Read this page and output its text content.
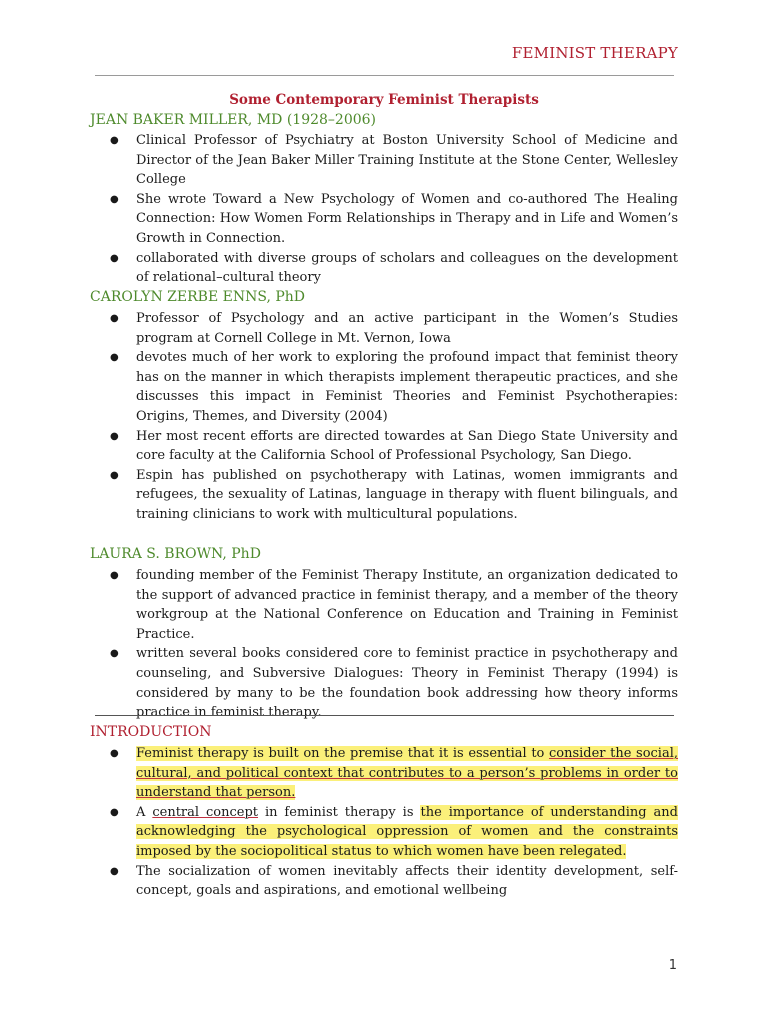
FEMINIST THERAPY
Some Contemporary Feminist Therapists
JEAN BAKER MILLER, MD (1928–2006)
● Clinical Professor of Psychiatry at Boston University School of Medicine and Director of the Jean Baker Miller Training Institute at the Stone Center, Wellesley College
● She wrote Toward a New Psychology of Women and co-authored The Healing Connection: How Women Form Relationships in Therapy and in Life and Women’s Growth in Connection.
● collaborated with diverse groups of scholars and colleagues on the development of relational–cultural theory
CAROLYN ZERBE ENNS, PhD
● Professor of Psychology and an active participant in the Women’s Studies program at Cornell College in Mt. Vernon, Iowa
● devotes much of her work to exploring the profound impact that feminist theory has on the manner in which therapists implement therapeutic practices, and she discusses this impact in Feminist Theories and Feminist Psychotherapies: Origins, Themes, and Diversity (2004)
● Her most recent efforts are directed towardes at San Diego State University and core faculty at the California School of Professional Psychology, San Diego.
● Espin has published on psychotherapy with Latinas, women immigrants and refugees, the sexuality of Latinas, language in therapy with fluent bilinguals, and training clinicians to work with multicultural populations.
LAURA S. BROWN, PhD
● founding member of the Feminist Therapy Institute, an organization dedicated to the support of advanced practice in feminist therapy, and a member of the theory workgroup at the National Conference on Education and Training in Feminist Practice.
● written several books considered core to feminist practice in psychotherapy and counseling, and Subversive Dialogues: Theory in Feminist Therapy (1994) is considered by many to be the foundation book addressing how theory informs practice in feminist therapy.
INTRODUCTION
● Feminist therapy is built on the premise that it is essential to consider the social, cultural, and political context that contributes to a person’s problems in order to understand that person.
● A central concept in feminist therapy is the importance of understanding and acknowledging the psychological oppression of women and the constraints imposed by the sociopolitical status to which women have been relegated.
● The socialization of women inevitably affects their identity development, self-concept, goals and aspirations, and emotional wellbeing
1
